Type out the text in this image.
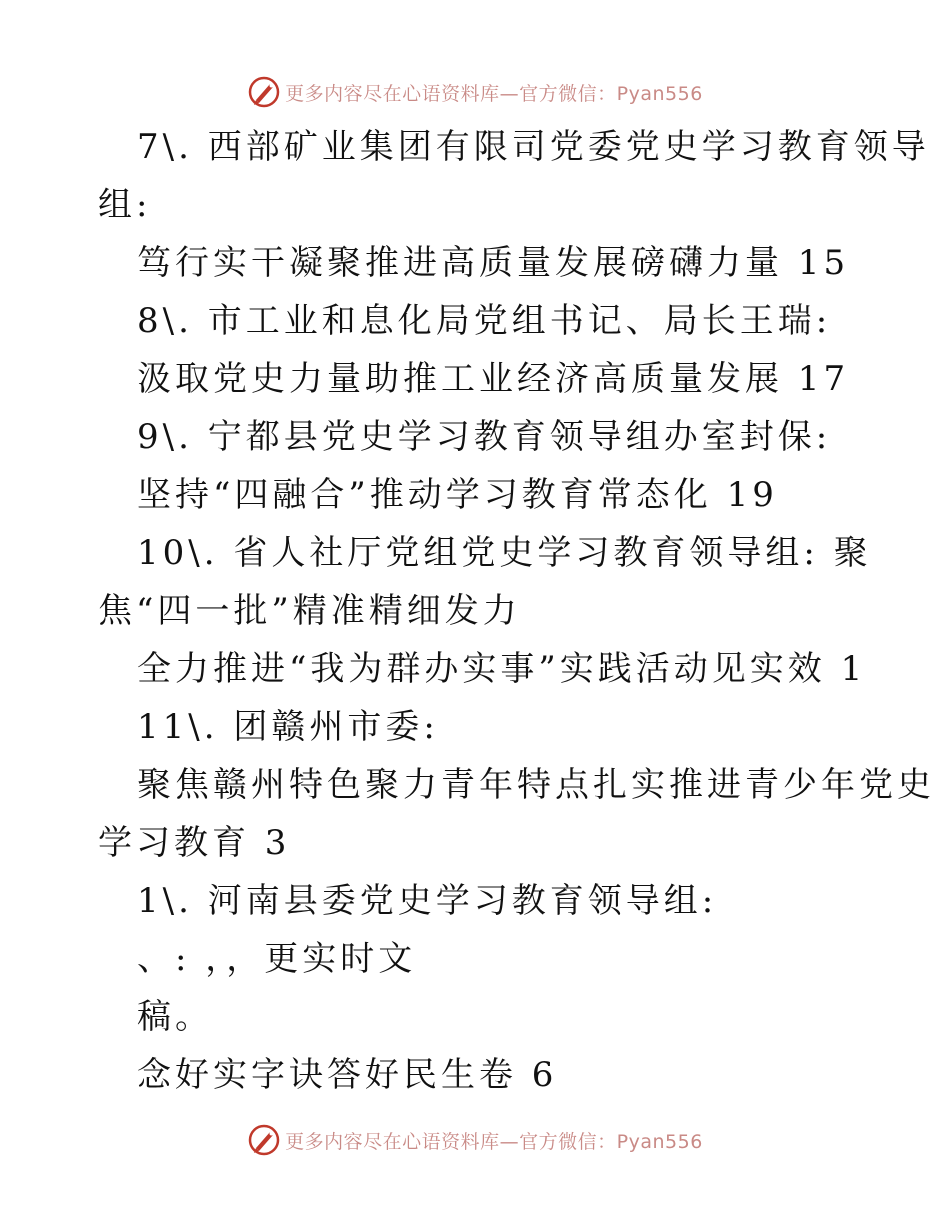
更多内容尽在心语资料库—官方微信：Pyan556
7\. 西部矿业集团有限司党委党史学习教育领导
组:
笃行实干凝聚推进高质量发展磅礴力量 15
8\. 市工业和息化局党组书记、局长王瑞:
汲取党史力量助推工业经济高质量发展 17
9\. 宁都县党史学习教育领导组办室封保:
坚持“四融合”推动学习教育常态化 19
10\. 省人社厅党组党史学习教育领导组: 聚
焦“四一批”精准精细发力
全力推进“我为群办实事”实践活动见实效 1
11\. 团赣州市委:
聚焦赣州特色聚力青年特点扎实推进青少年党史
学习教育 3
1\. 河南县委党史学习教育领导组:
、: ，，更实时文
稿。
念好实字诀答好民生卷 6
更多内容尽在心语资料库—官方微信：Pyan556
